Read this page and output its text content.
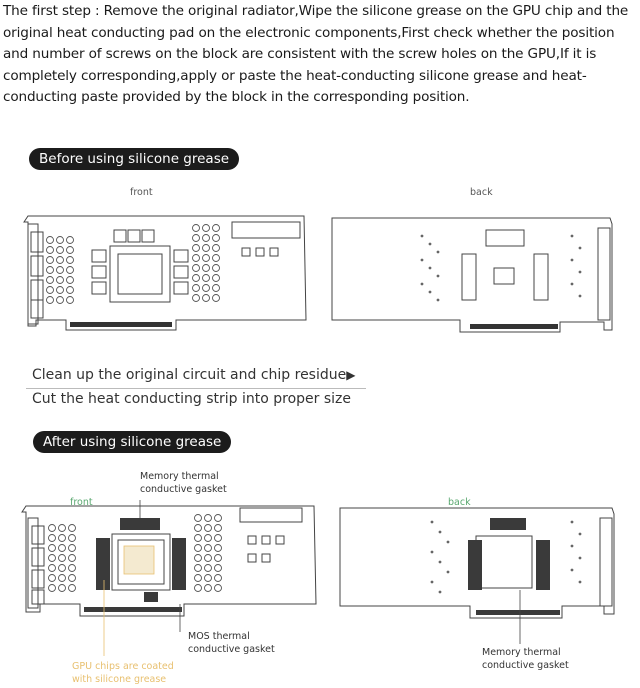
The first step : Remove the original radiator,Wipe the silicone grease on the GPU chip and the original heat conducting pad on the electronic components,First check whether the position and number of screws on the block are consistent with the screw holes on the GPU,If it is completely corresponding,apply or paste the heat-conducting silicone grease and heat-conducting paste provided by the block in the corresponding position.

Before using silicone grease
front	back
Clean up the original circuit and chip residue▶
Cut the heat conducting strip into proper size
After using silicone grease
Memory thermal
conductive gasket
front	back
MOS thermal
conductive gasket	Memory thermal
conductive gasket
GPU chips are coated
with silicone grease
